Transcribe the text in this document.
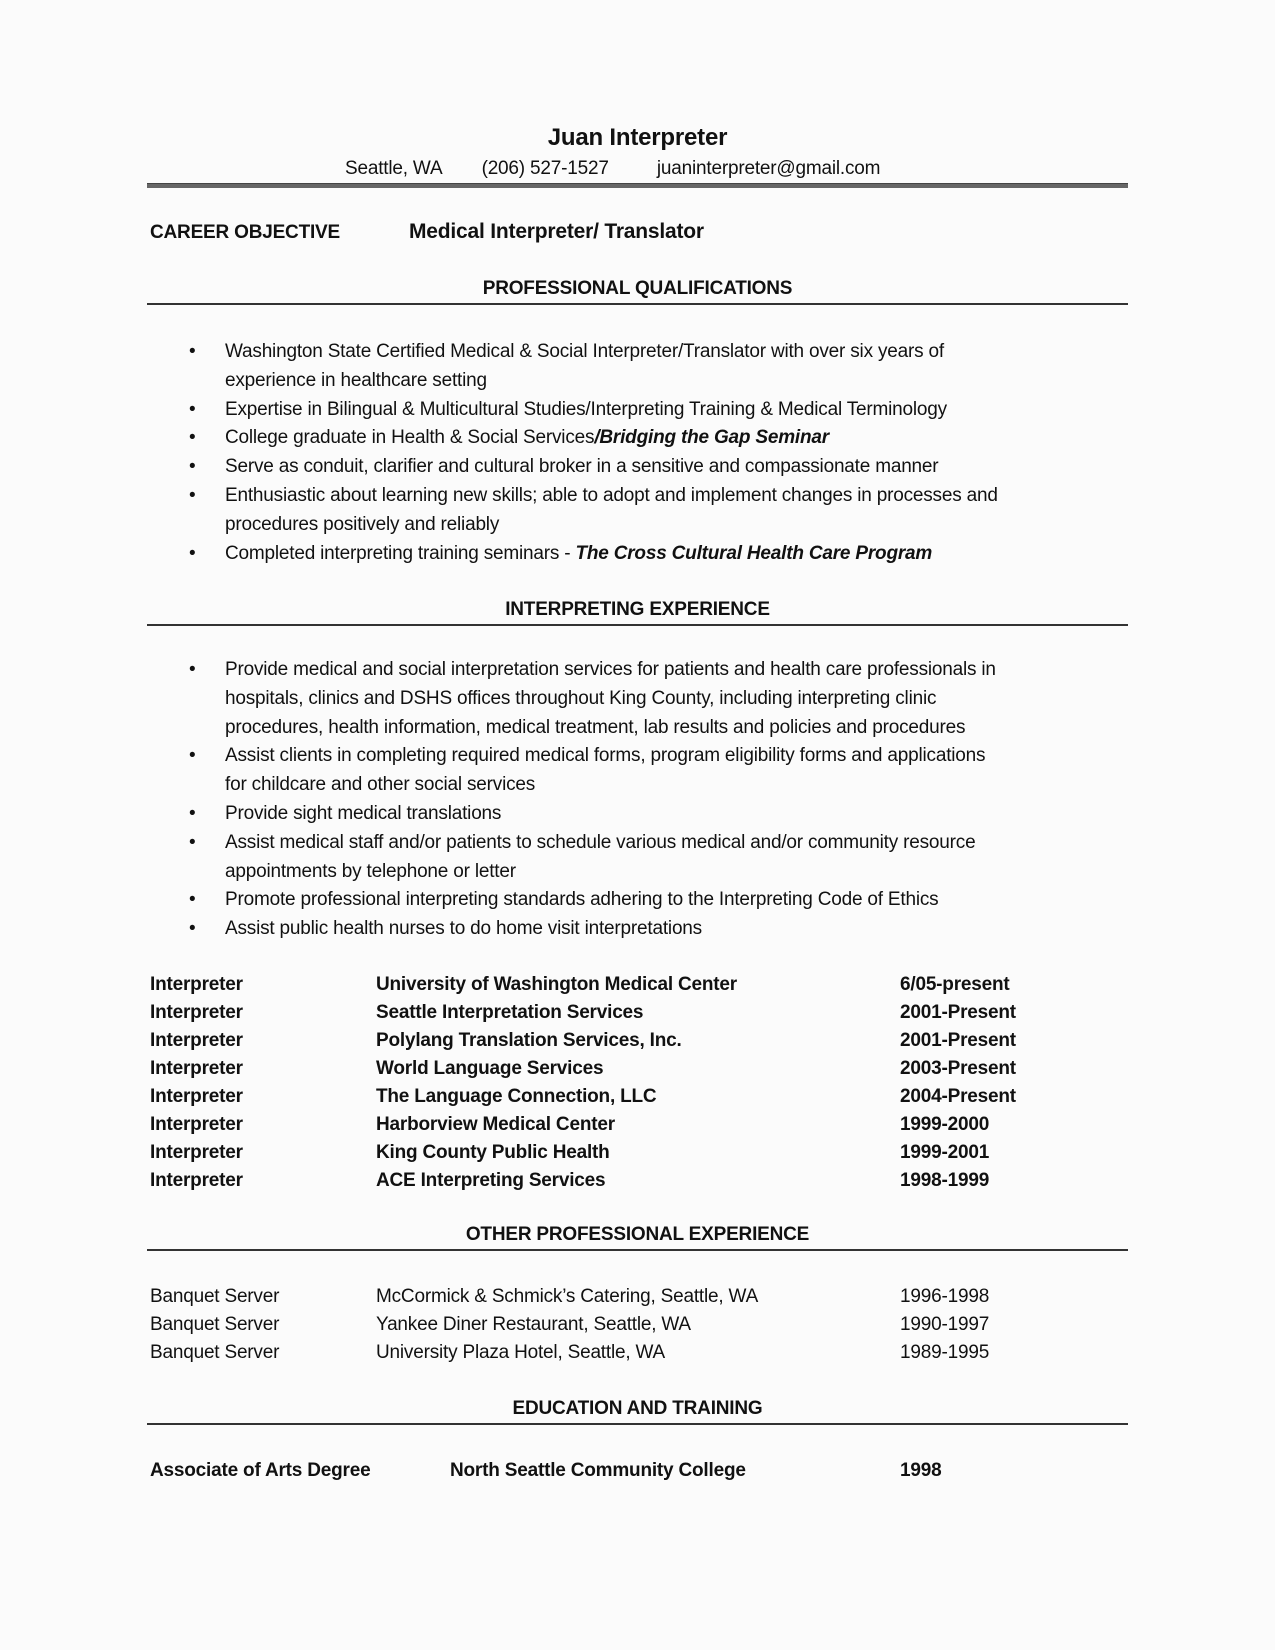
Juan Interpreter
Seattle, WA (206) 527-1527	juaninterpreter@gmail.com
CAREER OBJECTIVE	Medical Interpreter/ Translator
PROFESSIONAL QUALIFICATIONS
• Washington State Certified Medical & Social Interpreter/Translator with over six years of
experience in healthcare setting
• Expertise in Bilingual & Multicultural Studies/Interpreting Training & Medical Terminology
• College graduate in Health & Social Services/Bridging the Gap Seminar
• Serve as conduit, clarifier and cultural broker in a sensitive and compassionate manner
• Enthusiastic about learning new skills; able to adopt and implement changes in processes and
procedures positively and reliably
• Completed interpreting training seminars - The Cross Cultural Health Care Program
INTERPRETING EXPERIENCE
• Provide medical and social interpretation services for patients and health care professionals in
hospitals, clinics and DSHS offices throughout King County, including interpreting clinic
procedures, health information, medical treatment, lab results and policies and procedures
• Assist clients in completing required medical forms, program eligibility forms and applications
for childcare and other social services
• Provide sight medical translations
• Assist medical staff and/or patients to schedule various medical and/or community resource
appointments by telephone or letter
• Promote professional interpreting standards adhering to the Interpreting Code of Ethics
• Assist public health nurses to do home visit interpretations
Interpreter	University of Washington Medical Center	6/05-present
Interpreter	Seattle Interpretation Services	2001-Present
Interpreter	Polylang Translation Services, Inc.	2001-Present
Interpreter	World Language Services	2003-Present
Interpreter	The Language Connection, LLC	2004-Present
Interpreter	Harborview Medical Center	1999-2000
Interpreter	King County Public Health	1999-2001
Interpreter	ACE Interpreting Services	1998-1999
OTHER PROFESSIONAL EXPERIENCE
Banquet Server	McCormick & Schmick’s Catering, Seattle, WA	1996-1998
Banquet Server	Yankee Diner Restaurant, Seattle, WA	1990-1997
Banquet Server	University Plaza Hotel, Seattle, WA	1989-1995
EDUCATION AND TRAINING
Associate of Arts Degree	North Seattle Community College	1998
